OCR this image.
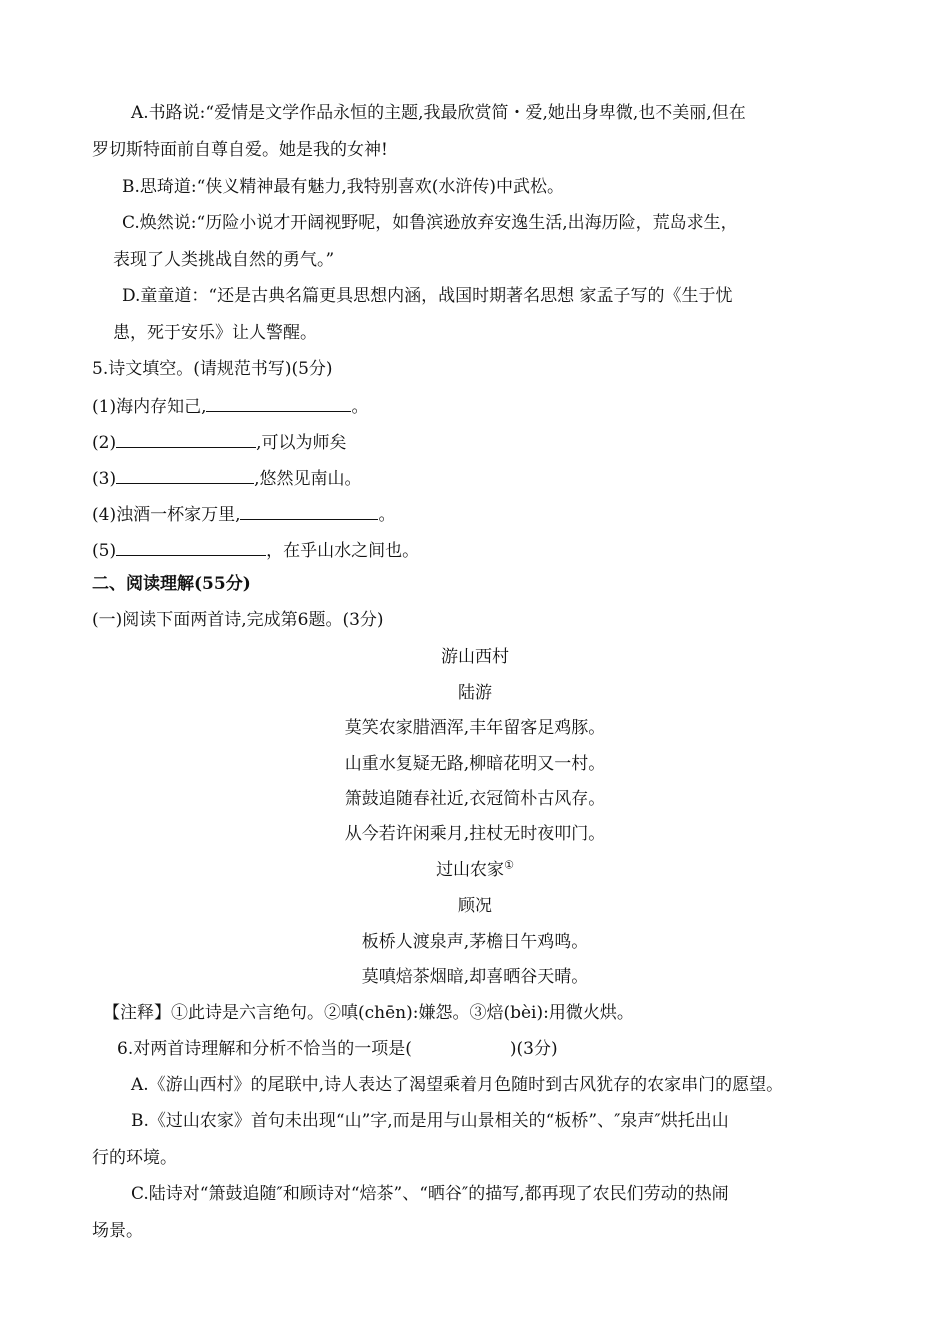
A.书路说:“爱情是文学作品永恒的主题,我最欣赏简・爱,她出身卑微,也不美丽,但在
罗切斯特面前自尊自爱。她是我的女神!
B.思琦道:“侠义精神最有魅力,我特别喜欢(水浒传)中武松。
C.焕然说:“历险小说才开阔视野呢，如鲁滨逊放弃安逸生活,出海历险，荒岛求生，
表现了人类挑战自然的勇气。”
D.童童道：“还是古典名篇更具思想内涵，战国时期著名思想 家孟子写的《生于忧
患，死于安乐》让人警醒。
5.诗文填空。(请规范书写)(5分)
(1)海内存知己,	。
(2)	,可以为师矣
(3)	,悠然见南山。
(4)浊酒一杯家万里,	。
(5)	，在乎山水之间也。
二、阅读理解(55分)
(一)阅读下面两首诗,完成第6题。(3分)
游山西村
陆游
莫笑农家腊酒浑,丰年留客足鸡豚。
山重水复疑无路,柳暗花明又一村。
箫鼓追随春社近,衣冠简朴古风存。
从今若许闲乘月,拄杖无时夜叩门。
过山农家①
顾况
板桥人渡泉声,茅檐日午鸡鸣。
莫嗔焙茶烟暗,却喜晒谷天晴。
【注释】①此诗是六言绝句。②嗔(chēn):嫌怨。③焙(bèi):用微火烘。
6.对两首诗理解和分析不恰当的一项是(	)(3分)
A.《游山西村》的尾联中,诗人表达了渴望乘着月色随时到古风犹存的农家串门的愿望。
B.《过山农家》首句未出现“山”字,而是用与山景相关的“板桥”、″泉声″烘托出山
行的环境。
C.陆诗对“箫鼓追随″和顾诗对“焙茶”、“晒谷″的描写,都再现了农民们劳动的热闹
场景。
